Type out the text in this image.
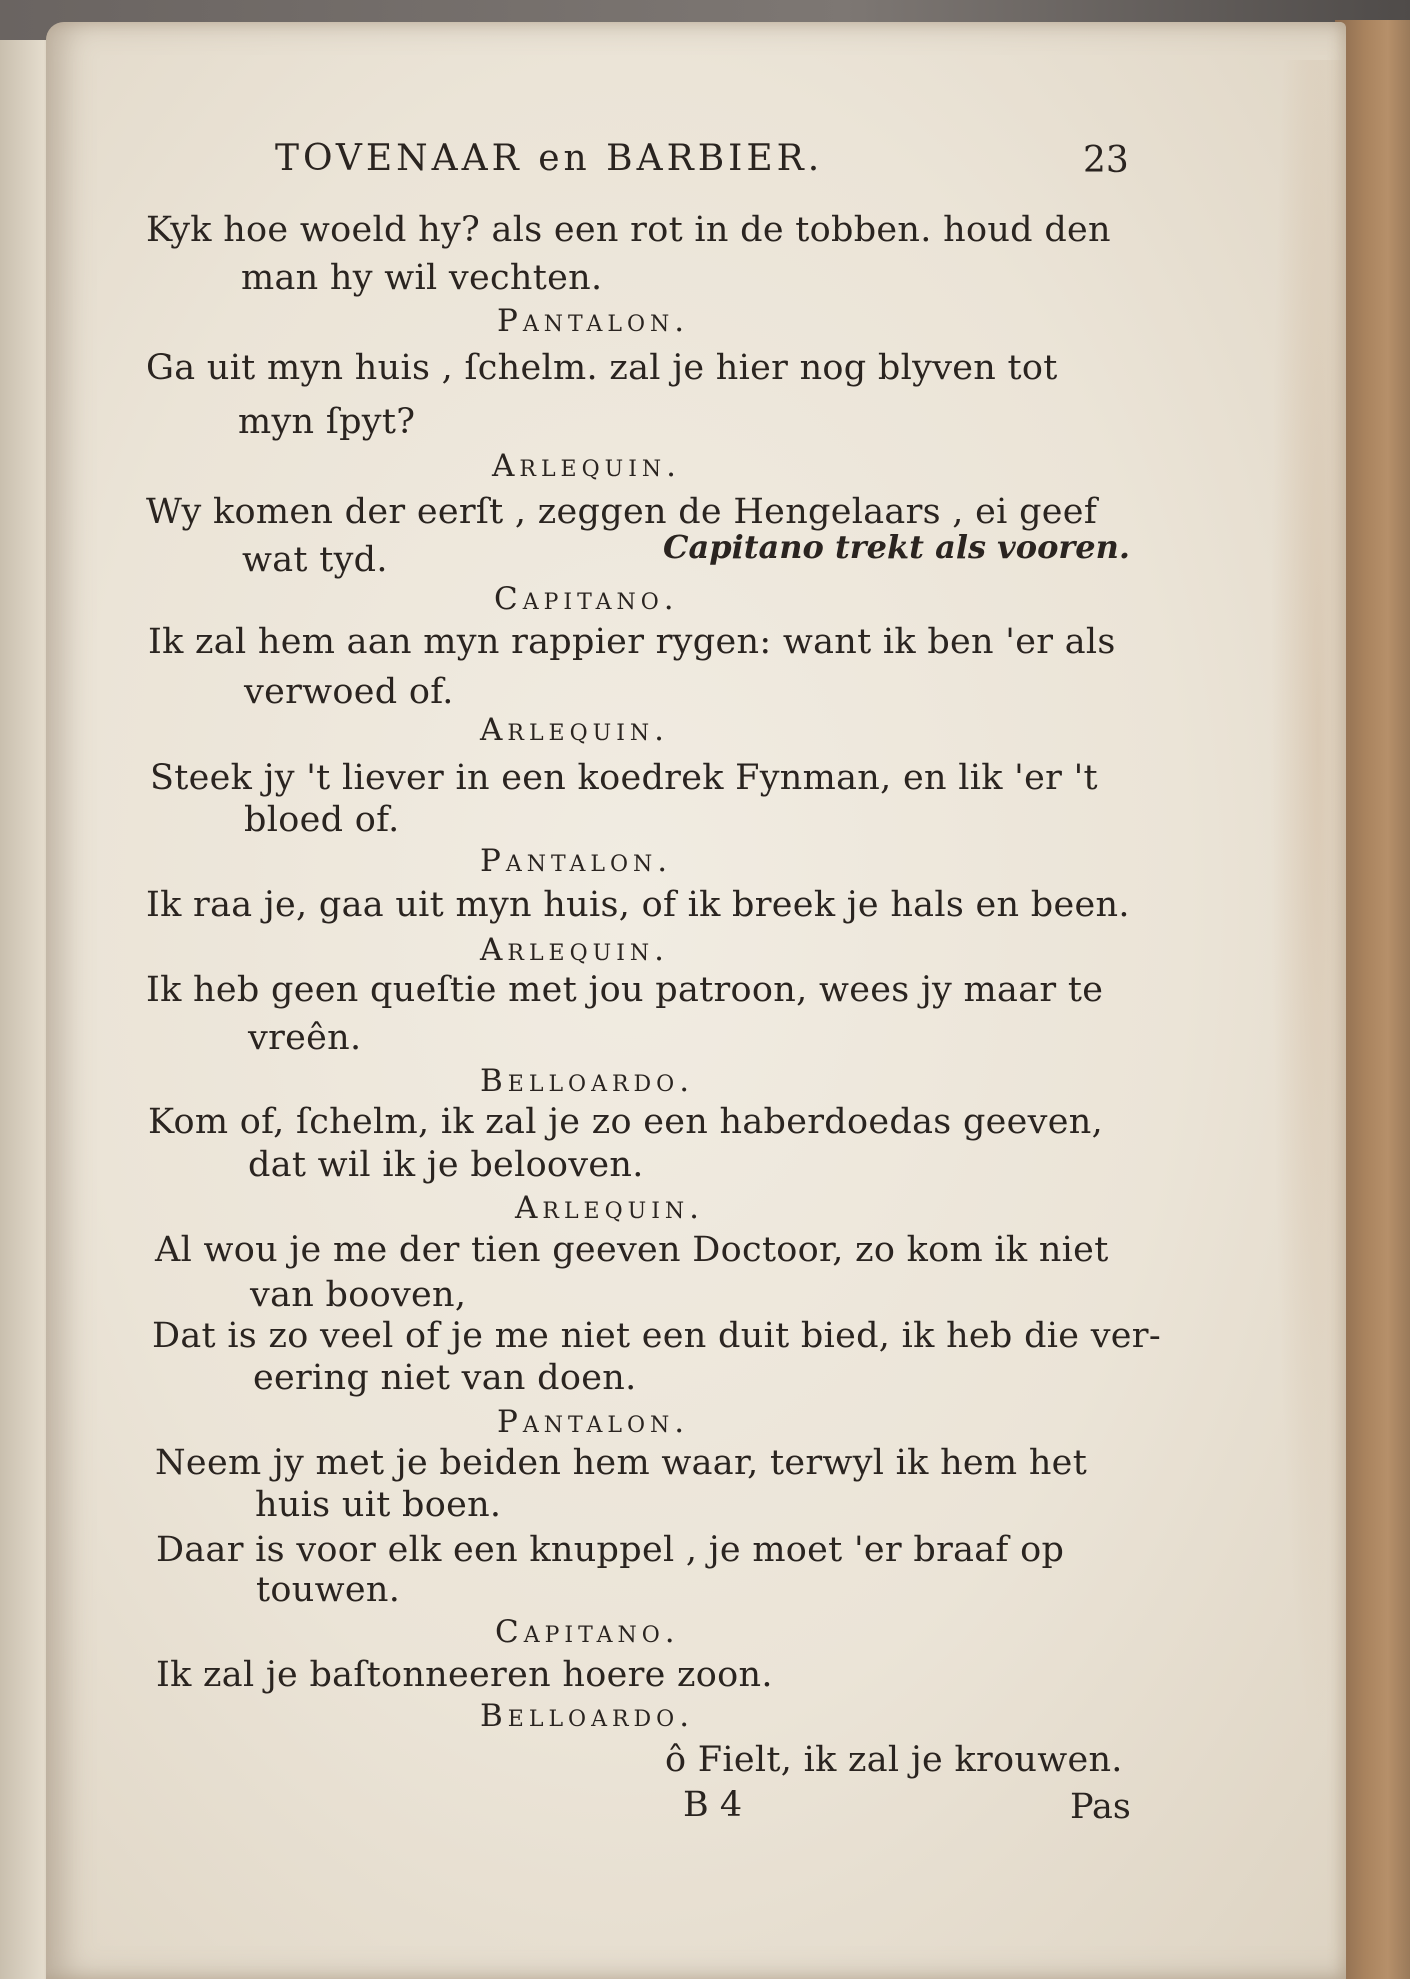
TOVENAAR en BARBIER.	23
Kyk hoe woeld hy? als een rot in de tobben. houd den
man hy wil vechten.
Pantalon.
Ga uit myn huis , ſchelm. zal je hier nog blyven tot
myn ſpyt?
Arlequin.
Wy komen der eerſt , zeggen de Hengelaars , ei geef
wat tyd.	Capitano trekt als vooren.
Capitano.
Ik zal hem aan myn rappier rygen: want ik ben 'er als
verwoed of.
Arlequin.
Steek jy 't liever in een koedrek Fynman, en lik 'er 't
bloed of.
Pantalon.
Ik raa je, gaa uit myn huis, of ik breek je hals en been.
Arlequin.
Ik heb geen queſtie met jou patroon, wees jy maar te
vreên.
Belloardo.
Kom of, ſchelm, ik zal je zo een haberdoedas geeven,
dat wil ik je belooven.
Arlequin.
Al wou je me der tien geeven Doctoor, zo kom ik niet
van booven,
Dat is zo veel of je me niet een duit bied, ik heb die ver-
eering niet van doen.
Pantalon.
Neem jy met je beiden hem waar, terwyl ik hem het
huis uit boen.
Daar is voor elk een knuppel , je moet 'er braaf op
touwen.
Capitano.
Ik zal je baſtonneeren hoere zoon.
Belloardo.
ô Fielt, ik zal je krouwen.
B 4	Pas
